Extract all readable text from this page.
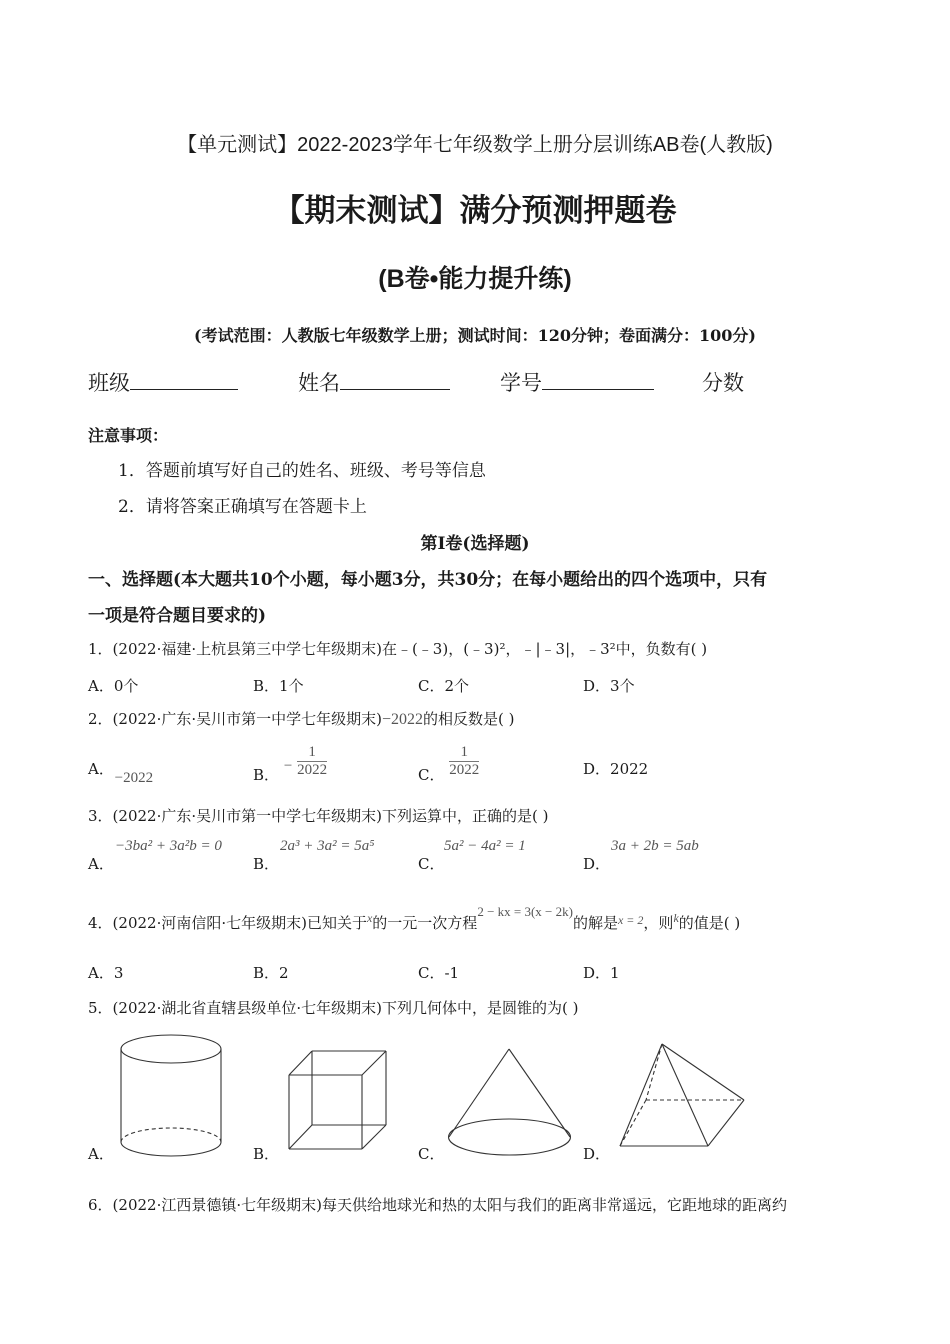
【单元测试】2022-2023学年七年级数学上册分层训练AB卷(人教版)
【期末测试】满分预测押题卷
(B卷•能力提升练)
(考试范围：人教版七年级数学上册；测试时间：120分钟；卷面满分：100分)
班级	姓名	学号	分数
注意事项：
1．答题前填写好自己的姓名、班级、考号等信息
2．请将答案正确填写在答题卡上
第Ⅰ卷(选择题)
一、选择题(本大题共10个小题，每小题3分，共30分；在每小题给出的四个选项中，只有
一项是符合题目要求的)
1．(2022·福建·上杭县第三中学七年级期末)在﹣(﹣3)，(﹣3)²，﹣|﹣3|，﹣3²中，负数有( )
A．0个	B．1个	C．2个	D．3个
2．(2022·广东·吴川市第一中学七年级期末)−2022的相反数是( )
A． −2022	B． − $\frac{1}{2022}$	C． $\frac{1}{2022}$	D．2022
3．(2022·广东·吴川市第一中学七年级期末)下列运算中，正确的是( )
A．
−3ba² + 3a²b = 0
B．
2a³ + 3a² = 5a⁵
C．
5a² − 4a² = 1
D．
3a + 2b = 5ab
4．(2022·河南信阳·七年级期末)已知关于$^x$的一元一次方程2 − kx = 3(x − 2k)的解是$^{x = 2}$，则$^k$的值是( )
A．3	B．2	C．-1	D．1
5．(2022·湖北省直辖县级单位·七年级期末)下列几何体中，是圆锥的为( )
A．	B．	C．	D．
6．(2022·江西景德镇·七年级期末)每天供给地球光和热的太阳与我们的距离非常遥远，它距地球的距离约
